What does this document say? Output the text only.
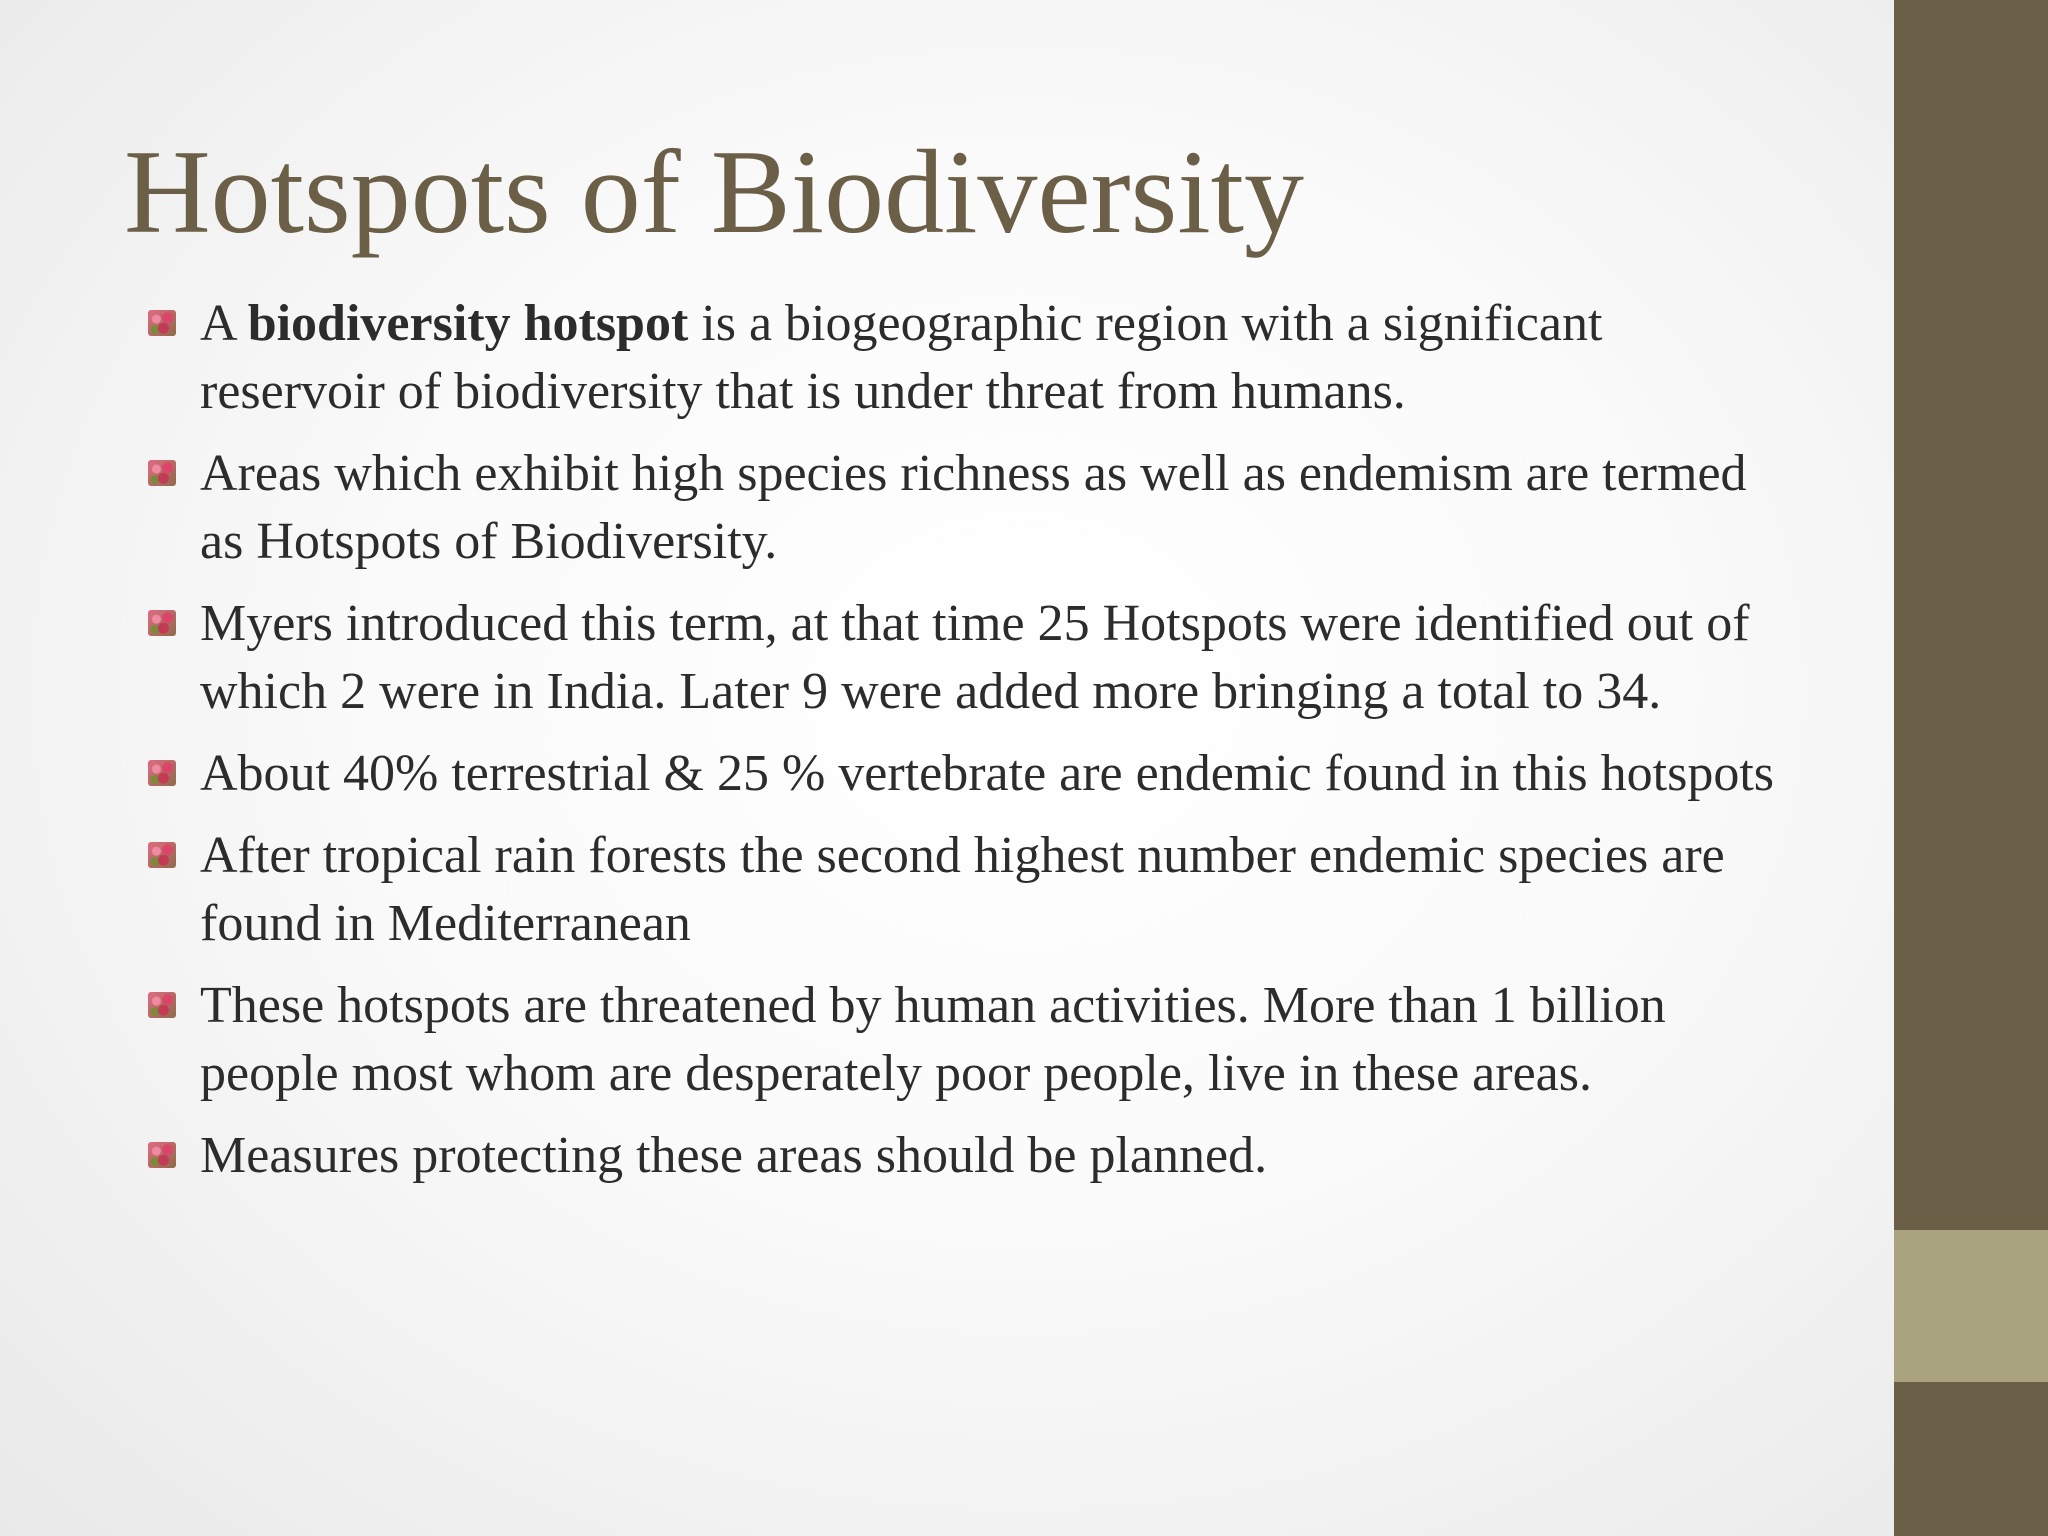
Hotspots of Biodiversity
A biodiversity hotspot is a biogeographic region with a significant reservoir of biodiversity that is under threat from humans.
Areas which exhibit high species richness as well as endemism are termed as Hotspots of Biodiversity.
Myers introduced this term, at that time 25 Hotspots were identified out of which 2 were in India. Later 9 were added more bringing a total to 34.
About 40% terrestrial & 25 % vertebrate are endemic found in this hotspots
After tropical rain forests the second highest number endemic species are found in Mediterranean
These hotspots are threatened by human activities. More than 1 billion people most whom are desperately poor people, live in these areas.
Measures protecting these areas should be planned.
